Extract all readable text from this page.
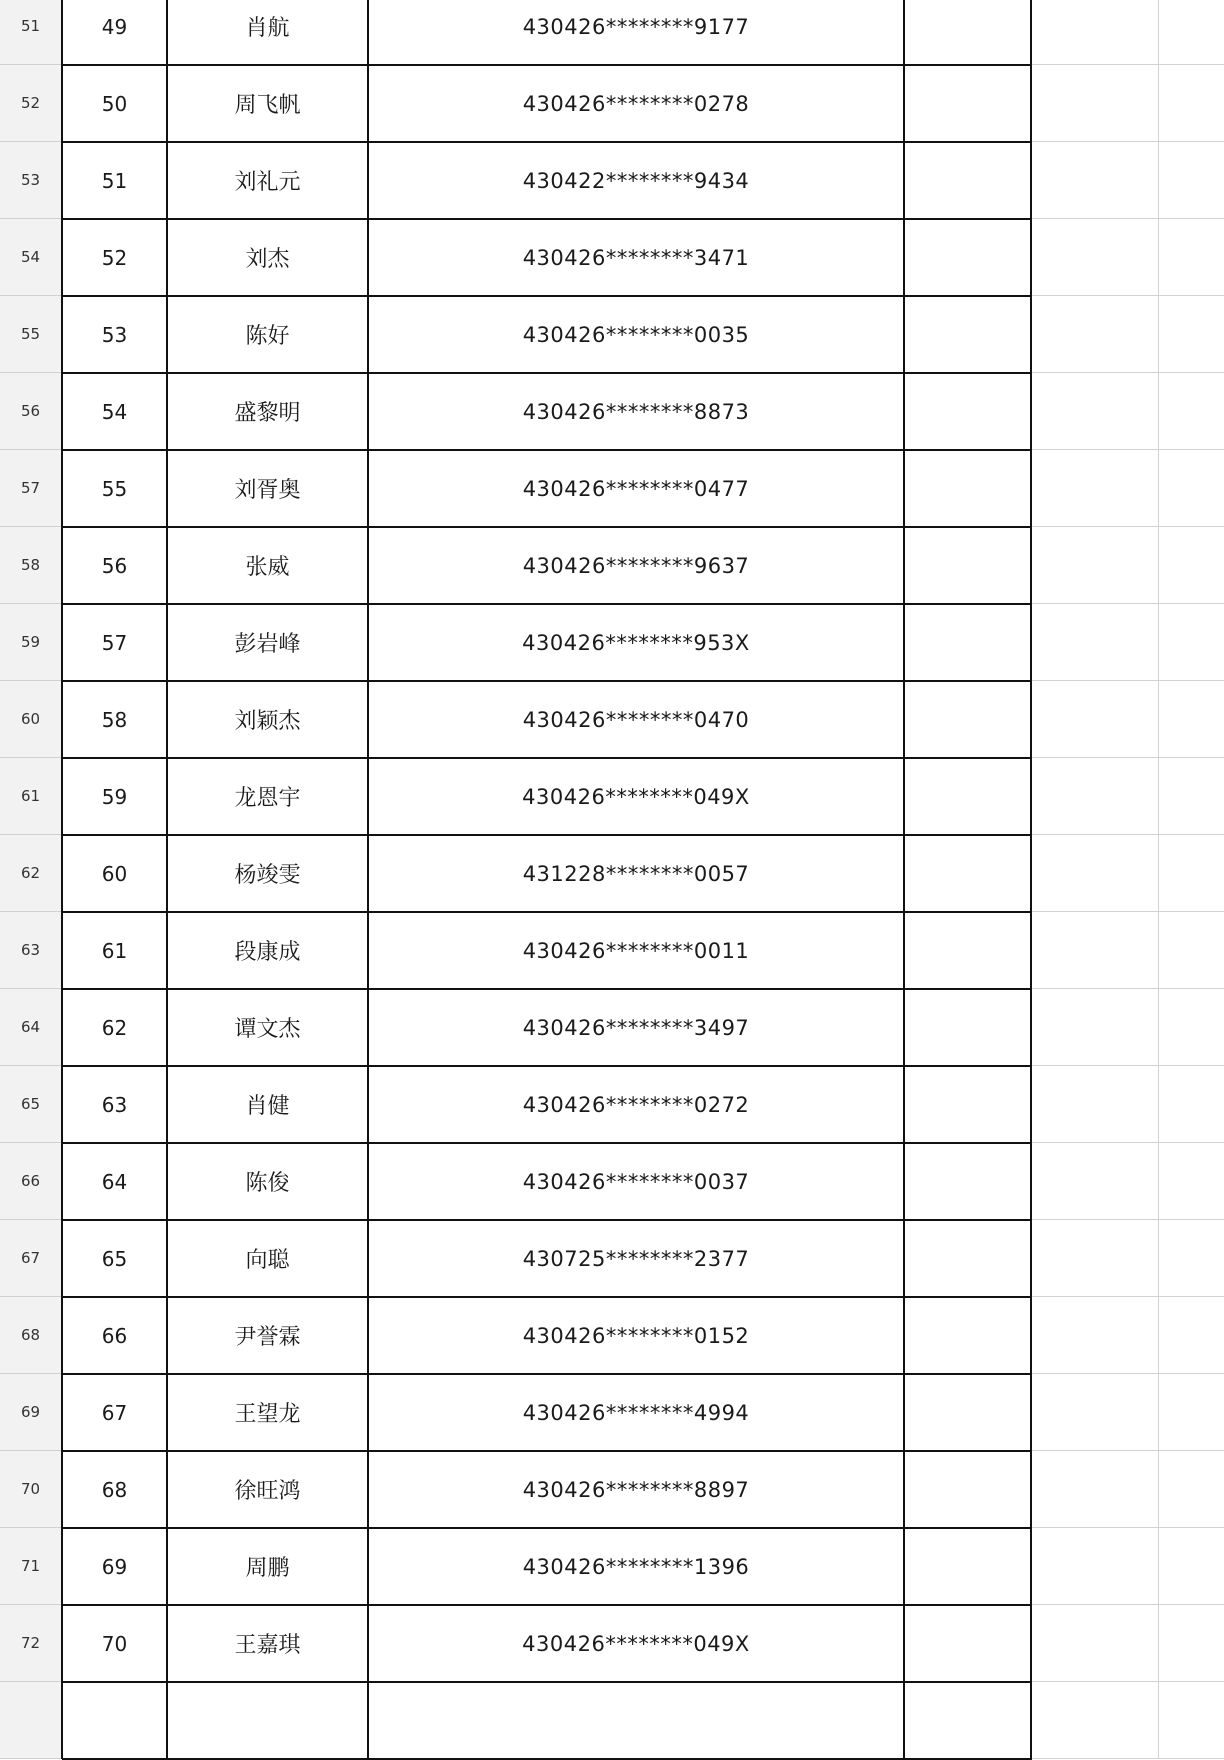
51	49	肖航	430426********9177
52	50	周飞帆	430426********0278
53	51	刘礼元	430422********9434
54	52	刘杰	430426********3471
55	53	陈好	430426********0035
56	54	盛黎明	430426********8873
57	55	刘胥奥	430426********0477
58	56	张威	430426********9637
59	57	彭岩峰	430426********953X
60	58	刘颖杰	430426********0470
61	59	龙恩宇	430426********049X
62	60	杨竣雯	431228********0057
63	61	段康成	430426********0011
64	62	谭文杰	430426********3497
65	63	肖健	430426********0272
66	64	陈俊	430426********0037
67	65	向聪	430725********2377
68	66	尹誉霖	430426********0152
69	67	王望龙	430426********4994
70	68	徐旺鸿	430426********8897
71	69	周鹏	430426********1396
72	70	王嘉琪	430426********049X
